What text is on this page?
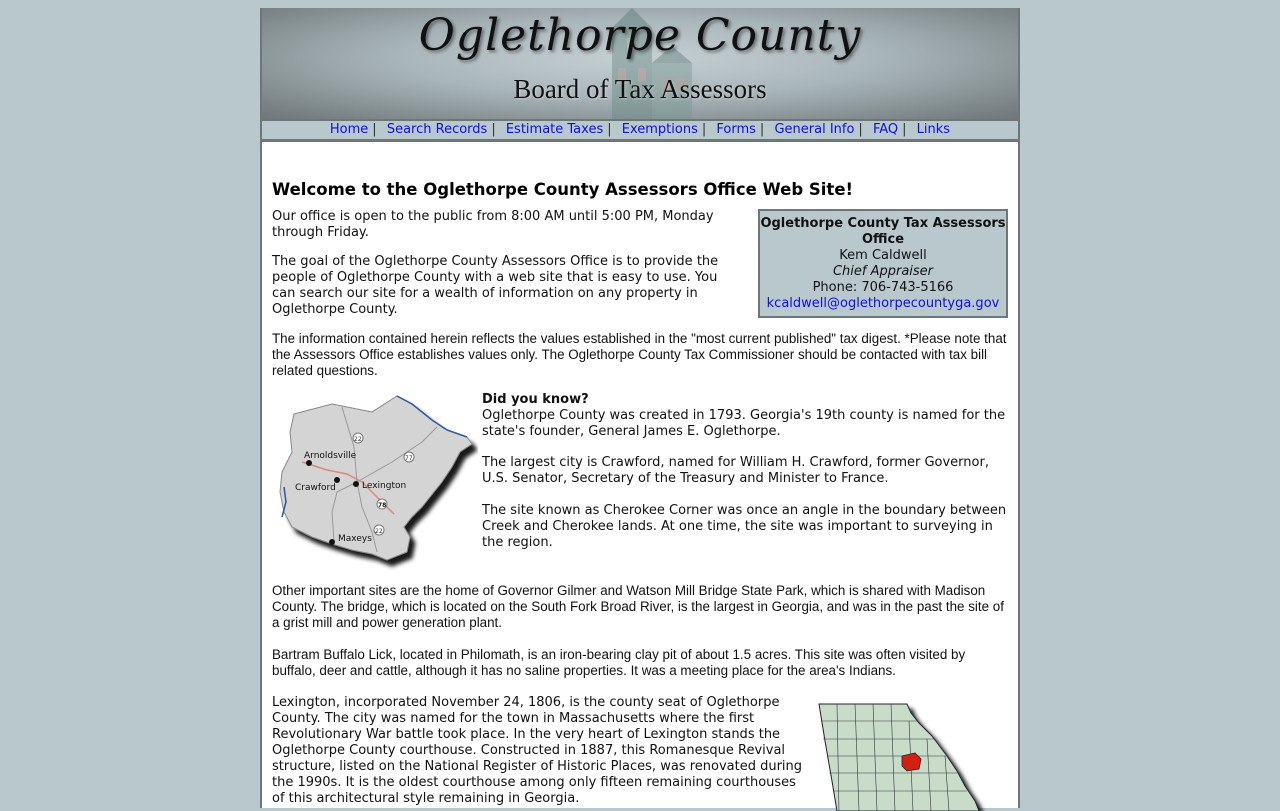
Oglethorpe County
Board of Tax Assessors
Home | Search Records | Estimate Taxes | Exemptions | Forms | General Info | FAQ | Links
Welcome to the Oglethorpe County Assessors Office Web Site!
Oglethorpe County Tax Assessors Office
Kem Caldwell
Chief Appraiser
Phone: 706-743-5166
kcaldwell@oglethorpecountyga.gov

Our office is open to the public from 8:00 AM until 5:00 PM, Monday through Friday.

The goal of the Oglethorpe County Assessors Office is to provide the people of Oglethorpe County with a web site that is easy to use. You can search our site for a wealth of information on any property in Oglethorpe County.

The information contained herein reflects the values established in the "most current published" tax digest. *Please note that the Assessors Office establishes values only. The Oglethorpe County Tax Commissioner should be contacted with tax bill related questions.

Arnoldsville
Crawford	Lexington
Maxeys
22
77
78
22

Did you know?
Oglethorpe County was created in 1793. Georgia's 19th county is named for the state's founder, General James E. Oglethorpe.

The largest city is Crawford, named for William H. Crawford, former Governor, U.S. Senator, Secretary of the Treasury and Minister to France.

The site known as Cherokee Corner was once an angle in the boundary between Creek and Cherokee lands. At one time, the site was important to surveying in the region.

Other important sites are the home of Governor Gilmer and Watson Mill Bridge State Park, which is shared with Madison County. The bridge, which is located on the South Fork Broad River, is the largest in Georgia, and was in the past the site of a grist mill and power generation plant.

Bartram Buffalo Lick, located in Philomath, is an iron-bearing clay pit of about 1.5 acres. This site was often visited by buffalo, deer and cattle, although it has no saline properties. It was a meeting place for the area's Indians.

Lexington, incorporated November 24, 1806, is the county seat of Oglethorpe County. The city was named for the town in Massachusetts where the first Revolutionary War battle took place. In the very heart of Lexington stands the Oglethorpe County courthouse. Constructed in 1887, this Romanesque Revival structure, listed on the National Register of Historic Places, was renovated during the 1990s. It is the oldest courthouse among only fifteen remaining courthouses of this architectural style remaining in Georgia.
